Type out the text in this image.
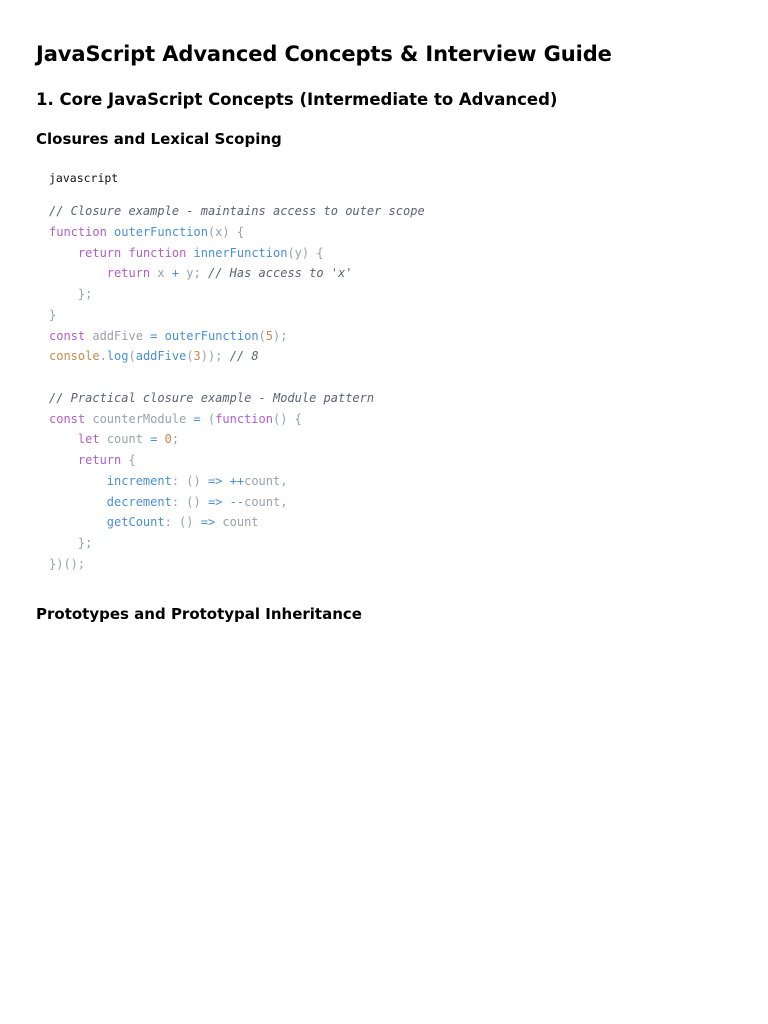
JavaScript Advanced Concepts & Interview Guide
1. Core JavaScript Concepts (Intermediate to Advanced)
Closures and Lexical Scoping
javascript
// Closure example - maintains access to outer scope
function outerFunction(x) {
return function innerFunction(y) {
return x + y; // Has access to 'x'
};
}
const addFive = outerFunction(5);
console.log(addFive(3)); // 8
// Practical closure example - Module pattern
const counterModule = (function() {
let count = 0;
return {
increment: () => ++count,
decrement: () => --count,
getCount: () => count
};
})();
Prototypes and Prototypal Inheritance
